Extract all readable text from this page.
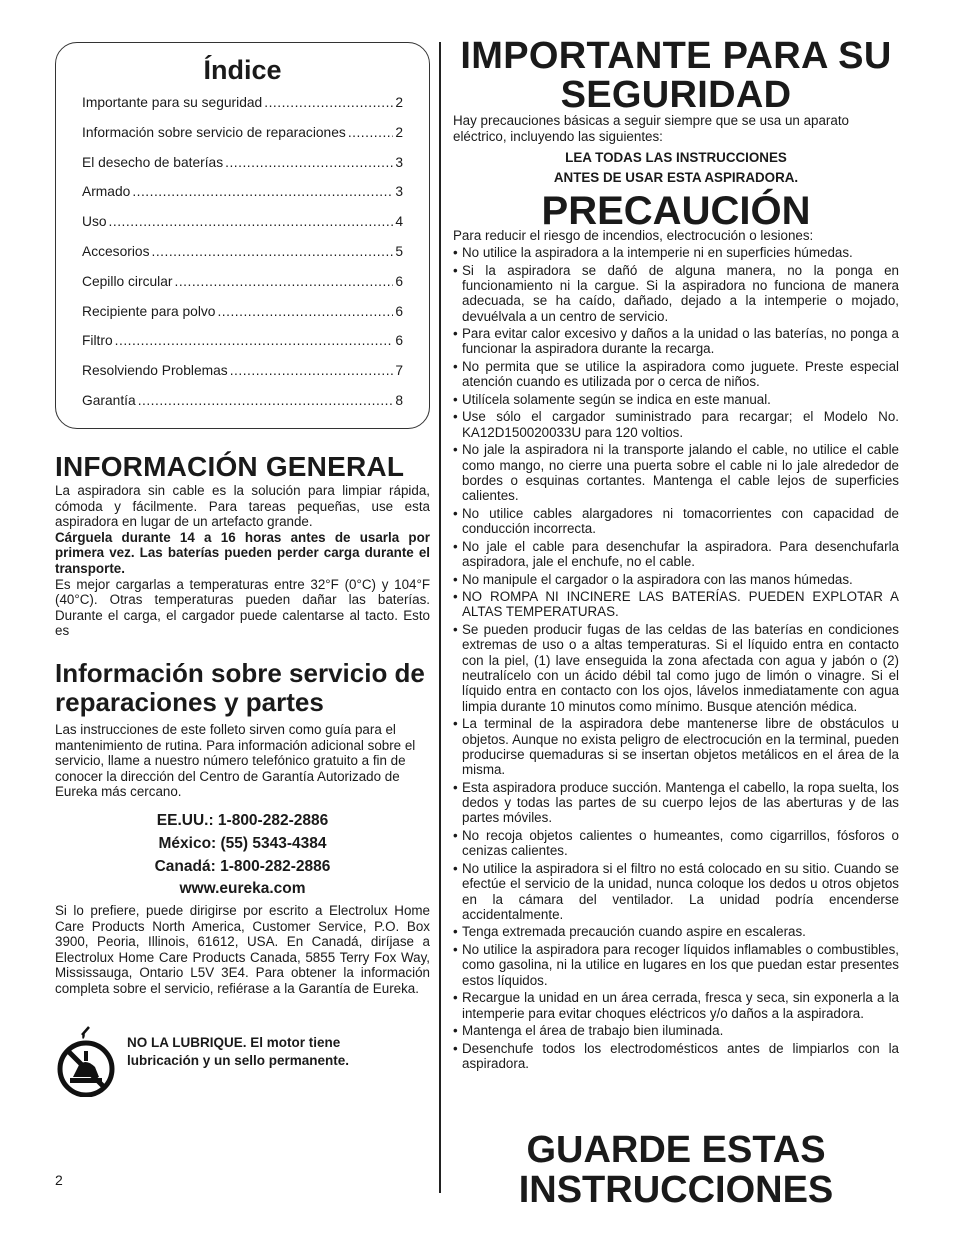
Índice
Importante para su seguridad .....	2
Información sobre servicio de reparaciones .....	2
El desecho de baterías .....	3
Armado .....	3
Uso .....	4
Accesorios .....	5
Cepillo circular .....	6
Recipiente para polvo .....	6
Filtro .....	6
Resolviendo Problemas .....	7
Garantía .....	8
INFORMACIÓN GENERAL

La aspiradora sin cable es la solución para limpiar rápida, cómoda y fácilmente. Para tareas pequeñas, use esta aspiradora en lugar de un artefacto grande.

Cárguela durante 14 a 16 horas antes de usarla por primera vez. Las baterías pueden perder carga durante el transporte.

Es mejor cargarlas a temperaturas entre 32°F (0°C) y 104°F (40°C). Otras temperaturas pueden dañar las baterías. Durante el carga, el cargador puede calentarse al tacto. Esto es

Información sobre servicio de reparaciones y partes

Las instrucciones de este folleto sirven como guía para el mantenimiento de rutina. Para información adicional sobre el servicio, llame a nuestro número telefónico gratuito a fin de conocer la dirección del Centro de Garantía Autorizado de Eureka más cercano.

EE.UU.: 1-800-282-2886
México: (55) 5343-4384
Canadá: 1-800-282-2886
www.eureka.com

Si lo prefiere, puede dirigirse por escrito a Electrolux Home Care Products North America, Customer Service, P.O. Box 3900, Peoria, Illinois, 61612, USA. En Canadá, diríjase a Electrolux Home Care Products Canada, 5855 Terry Fox Way, Mississauga, Ontario L5V 3E4. Para obtener la información completa sobre el servicio, refiérase a la Garantía de Eureka.

NO LA LUBRIQUE. El motor tiene lubricación y un sello permanente.

2
IMPORTANTE PARA SU SEGURIDAD

Hay precauciones básicas a seguir siempre que se usa un aparato eléctrico, incluyendo las siguientes:

LEA TODAS LAS INSTRUCCIONES
ANTES DE USAR ESTA ASPIRADORA.
PRECAUCIÓN

Para reducir el riesgo de incendios, electrocución o lesiones:

• No utilice la aspiradora a la intemperie ni en superficies húmedas.
• Si la aspiradora se dañó de alguna manera, no la ponga en funcionamiento ni la cargue. Si la aspiradora no funciona de manera adecuada, se ha caído, dañado, dejado a la intemperie o mojado, devuélvala a un centro de servicio.
• Para evitar calor excesivo y daños a la unidad o las baterías, no ponga a funcionar la aspiradora durante la recarga.
• No permita que se utilice la aspiradora como juguete. Preste especial atención cuando es utilizada por o cerca de niños.
• Utilícela solamente según se indica en este manual.
• Use sólo el cargador suministrado para recargar; el Modelo No. KA12D150020033U para 120 voltios.
• No jale la aspiradora ni la transporte jalando el cable, no utilice el cable como mango, no cierre una puerta sobre el cable ni lo jale alrededor de bordes o esquinas cortantes. Mantenga el cable lejos de superficies calientes.
• No utilice cables alargadores ni tomacorrientes con capacidad de conducción incorrecta.
• No jale el cable para desenchufar la aspiradora. Para desenchufarla aspiradora, jale el enchufe, no el cable.
• No manipule el cargador o la aspiradora con las manos húmedas.
• NO ROMPA NI INCINERE LAS BATERÍAS. PUEDEN EXPLOTAR A ALTAS TEMPERATURAS.
• Se pueden producir fugas de las celdas de las baterías en condiciones extremas de uso o a altas temperaturas. Si el líquido entra en contacto con la piel, (1) lave enseguida la zona afectada con agua y jabón o (2) neutralícelo con un ácido débil tal como jugo de limón o vinagre. Si el líquido entra en contacto con los ojos, lávelos inmediatamente con agua limpia durante 10 minutos como mínimo. Busque atención médica.
• La terminal de la aspiradora debe mantenerse libre de obstáculos u objetos. Aunque no exista peligro de electrocución en la terminal, pueden producirse quemaduras si se insertan objetos metálicos en el área de la misma.
• Esta aspiradora produce succión. Mantenga el cabello, la ropa suelta, los dedos y todas las partes de su cuerpo lejos de las aberturas y de las partes móviles.
• No recoja objetos calientes o humeantes, como cigarrillos, fósforos o cenizas calientes.
• No utilice la aspiradora si el filtro no está colocado en su sitio. Cuando se efectúe el servicio de la unidad, nunca coloque los dedos u otros objetos en la cámara del ventilador. La unidad podría encenderse accidentalmente.
• Tenga extremada precaución cuando aspire en escaleras.
• No utilice la aspiradora para recoger líquidos inflamables o combustibles, como gasolina, ni la utilice en lugares en los que puedan estar presentes estos líquidos.
• Recargue la unidad en un área cerrada, fresca y seca, sin exponerla a la intemperie para evitar choques eléctricos y/o daños a la aspiradora.
• Mantenga el área de trabajo bien iluminada.
• Desenchufe todos los electrodomésticos antes de limpiarlos con la aspiradora.
GUARDE ESTAS INSTRUCCIONES
